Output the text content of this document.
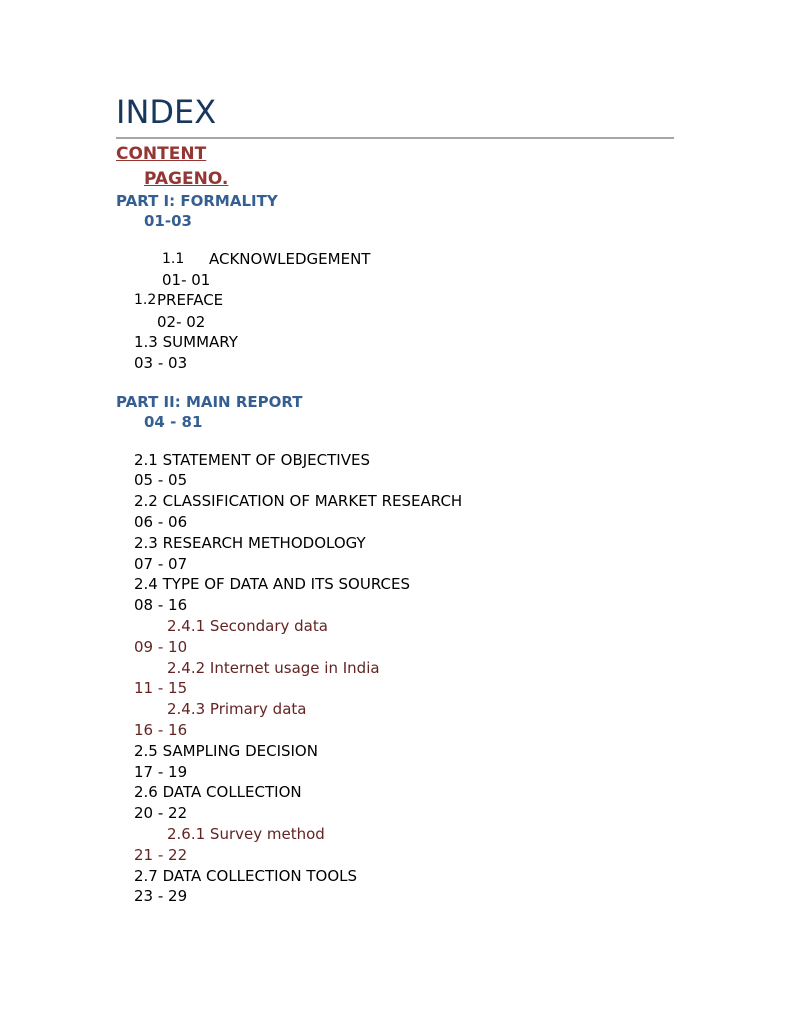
INDEX
CONTENT
PAGENO.
PART I: FORMALITY
01-03
1.1 ACKNOWLEDGEMENT
01- 01
1.2 PREFACE
02- 02
1.3 SUMMARY
03 - 03
PART II: MAIN REPORT
04 - 81
2.1 STATEMENT OF OBJECTIVES
05 - 05
2.2 CLASSIFICATION OF MARKET RESEARCH
06 - 06
2.3 RESEARCH METHODOLOGY
07 - 07
2.4 TYPE OF DATA AND ITS SOURCES
08 - 16
2.4.1 Secondary data
09 - 10
2.4.2 Internet usage in India
11 - 15
2.4.3 Primary data
16 - 16
2.5 SAMPLING DECISION
17 - 19
2.6 DATA COLLECTION
20 - 22
2.6.1 Survey method
21 - 22
2.7 DATA COLLECTION TOOLS
23 - 29
